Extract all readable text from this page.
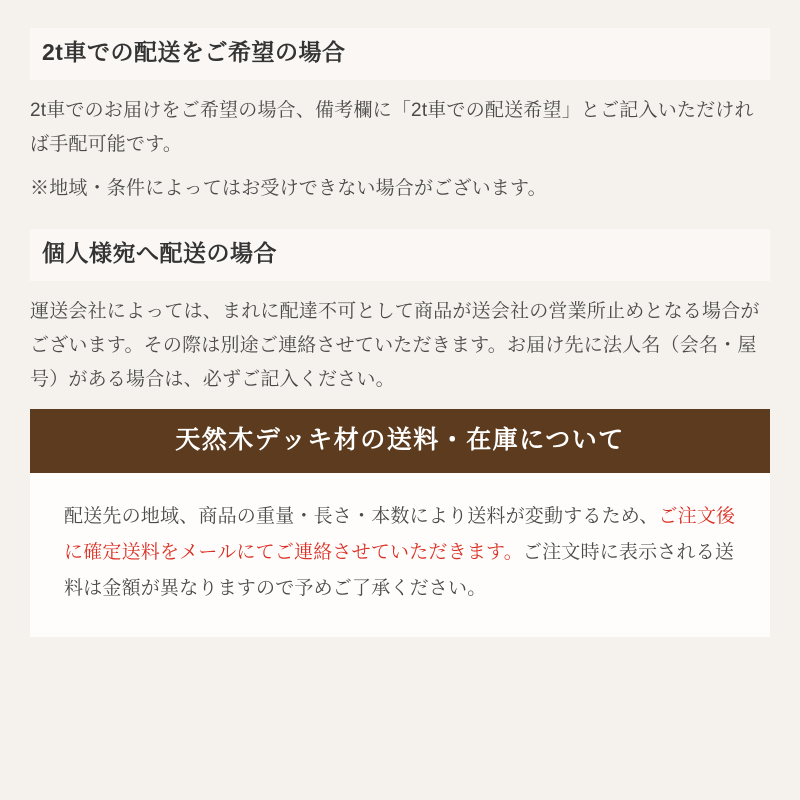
2t車での配送をご希望の場合

2t車でのお届けをご希望の場合、備考欄に「2t車での配送希望」とご記入いただければ手配可能です。

※地域・条件によってはお受けできない場合がございます。

個人様宛へ配送の場合

運送会社によっては、まれに配達不可として商品が送会社の営業所止めとなる場合がございます。その際は別途ご連絡させていただきます。お届け先に法人名（会名・屋号）がある場合は、必ずご記入ください。

天然木デッキ材の送料・在庫について

配送先の地域、商品の重量・長さ・本数により送料が変動するため、ご注文後に確定送料をメールにてご連絡させていただきます。ご注文時に表示される送料は金額が異なりますので予めご了承ください。
